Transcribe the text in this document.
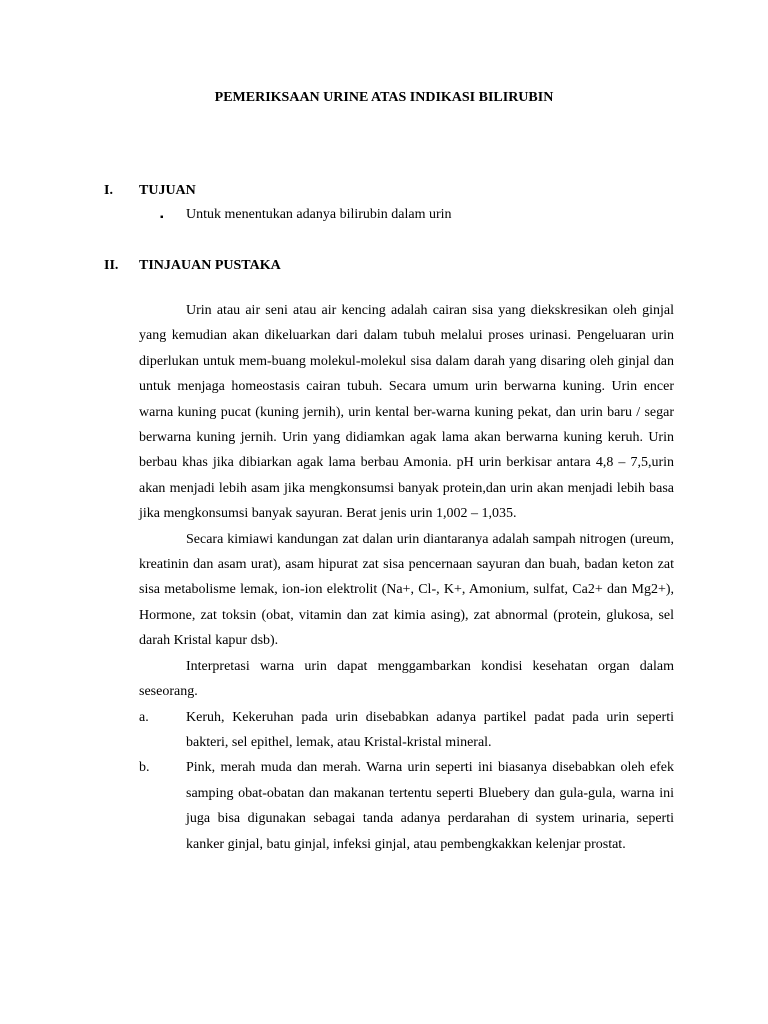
PEMERIKSAAN URINE ATAS INDIKASI BILIRUBIN
I. TUJUAN
▪ Untuk menentukan adanya bilirubin dalam urin
II. TINJAUAN PUSTAKA

Urin atau air seni atau air kencing adalah cairan sisa yang diekskresikan oleh ginjal yang kemudian akan dikeluarkan dari dalam tubuh melalui proses urinasi. Pengeluaran urin diperlukan untuk mem-buang molekul-molekul sisa dalam darah yang disaring oleh ginjal dan untuk menjaga homeostasis cairan tubuh. Secara umum urin berwarna kuning. Urin encer warna kuning pucat (kuning jernih), urin kental ber-warna kuning pekat, dan urin baru / segar berwarna kuning jernih. Urin yang didiamkan agak lama akan berwarna kuning keruh. Urin berbau khas jika dibiarkan agak lama berbau Amonia. pH urin berkisar antara 4,8 – 7,5,urin akan menjadi lebih asam jika mengkonsumsi banyak protein,dan urin akan menjadi lebih basa jika mengkonsumsi banyak sayuran. Berat jenis urin 1,002 – 1,035.

Secara kimiawi kandungan zat dalan urin diantaranya adalah sampah nitrogen (ureum, kreatinin dan asam urat), asam hipurat zat sisa pencernaan sayuran dan buah, badan keton zat sisa metabolisme lemak, ion-ion elektrolit (Na+, Cl-, K+, Amonium, sulfat, Ca2+ dan Mg2+), Hormone, zat toksin (obat, vitamin dan zat kimia asing), zat abnormal (protein, glukosa, sel darah Kristal kapur dsb).

Interpretasi warna urin dapat menggambarkan kondisi kesehatan organ dalam seseorang.

a.	Keruh, Kekeruhan pada urin disebabkan adanya partikel padat pada urin seperti bakteri, sel epithel, lemak, atau Kristal-kristal mineral.
b.	Pink, merah muda dan merah. Warna urin seperti ini biasanya disebabkan oleh efek samping obat-obatan dan makanan tertentu seperti Bluebery dan gula-gula, warna ini juga bisa digunakan sebagai tanda adanya perdarahan di system urinaria, seperti kanker ginjal, batu ginjal, infeksi ginjal, atau pembengkakkan kelenjar prostat.
